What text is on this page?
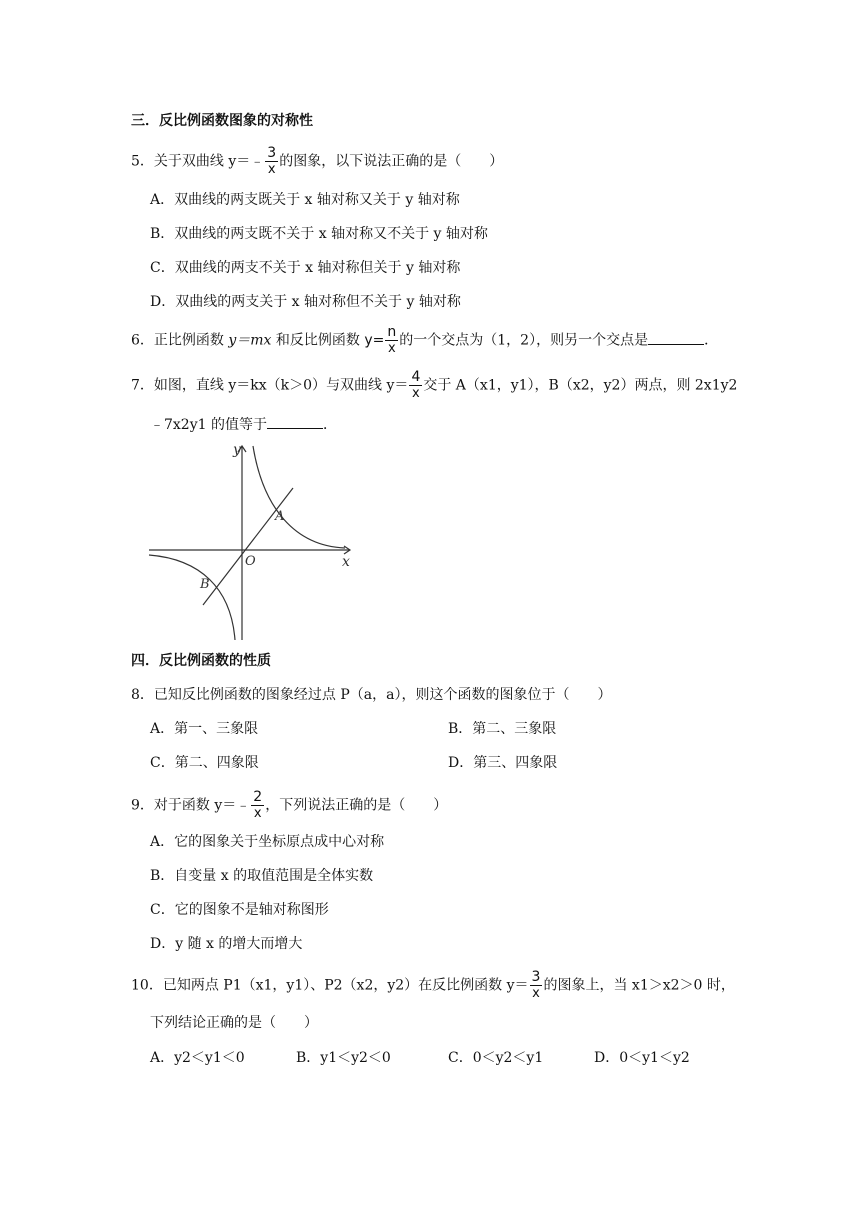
三．反比例函数图象的对称性
5．关于双曲线 y＝﹣ $\frac{3}{x}$ 的图象，以下说法正确的是（　　）
A．双曲线的两支既关于 x 轴对称又关于 y 轴对称
B．双曲线的两支既不关于 x 轴对称又不关于 y 轴对称
C．双曲线的两支不关于 x 轴对称但关于 y 轴对称
D．双曲线的两支关于 x 轴对称但不关于 y 轴对称
6．正比例函数 y＝mx 和反比例函数 $y= \frac{n}{x}$ 的一个交点为（1，2），则另一个交点是	．
7．如图，直线 y＝kx（k＞0）与双曲线 $y= \frac{4}{x}$ 交于 A（x1，y1），B（x2，y2）两点，则 2x1y2
﹣7x2y1 的值等于	．
y
x
O
A
B
四．反比例函数的性质
8．已知反比例函数的图象经过点 P（a，a），则这个函数的图象位于（　　）
A．第一、三象限	B．第二、三象限
C．第二、四象限	D．第三、四象限
9．对于函数 y＝﹣ $\frac{2}{x}$ ，下列说法正确的是（　　）
A．它的图象关于坐标原点成中心对称
B．自变量 x 的取值范围是全体实数
C．它的图象不是轴对称图形
D．y 随 x 的增大而增大
10．已知两点 P1（x1，y1）、P2（x2，y2）在反比例函数 $y= \frac{3}{x}$ 的图象上，当 x1＞x2＞0 时，
下列结论正确的是（　　）
A．y2＜y1＜0	B．y1＜y2＜0	C．0＜y2＜y1	D．0＜y1＜y2
